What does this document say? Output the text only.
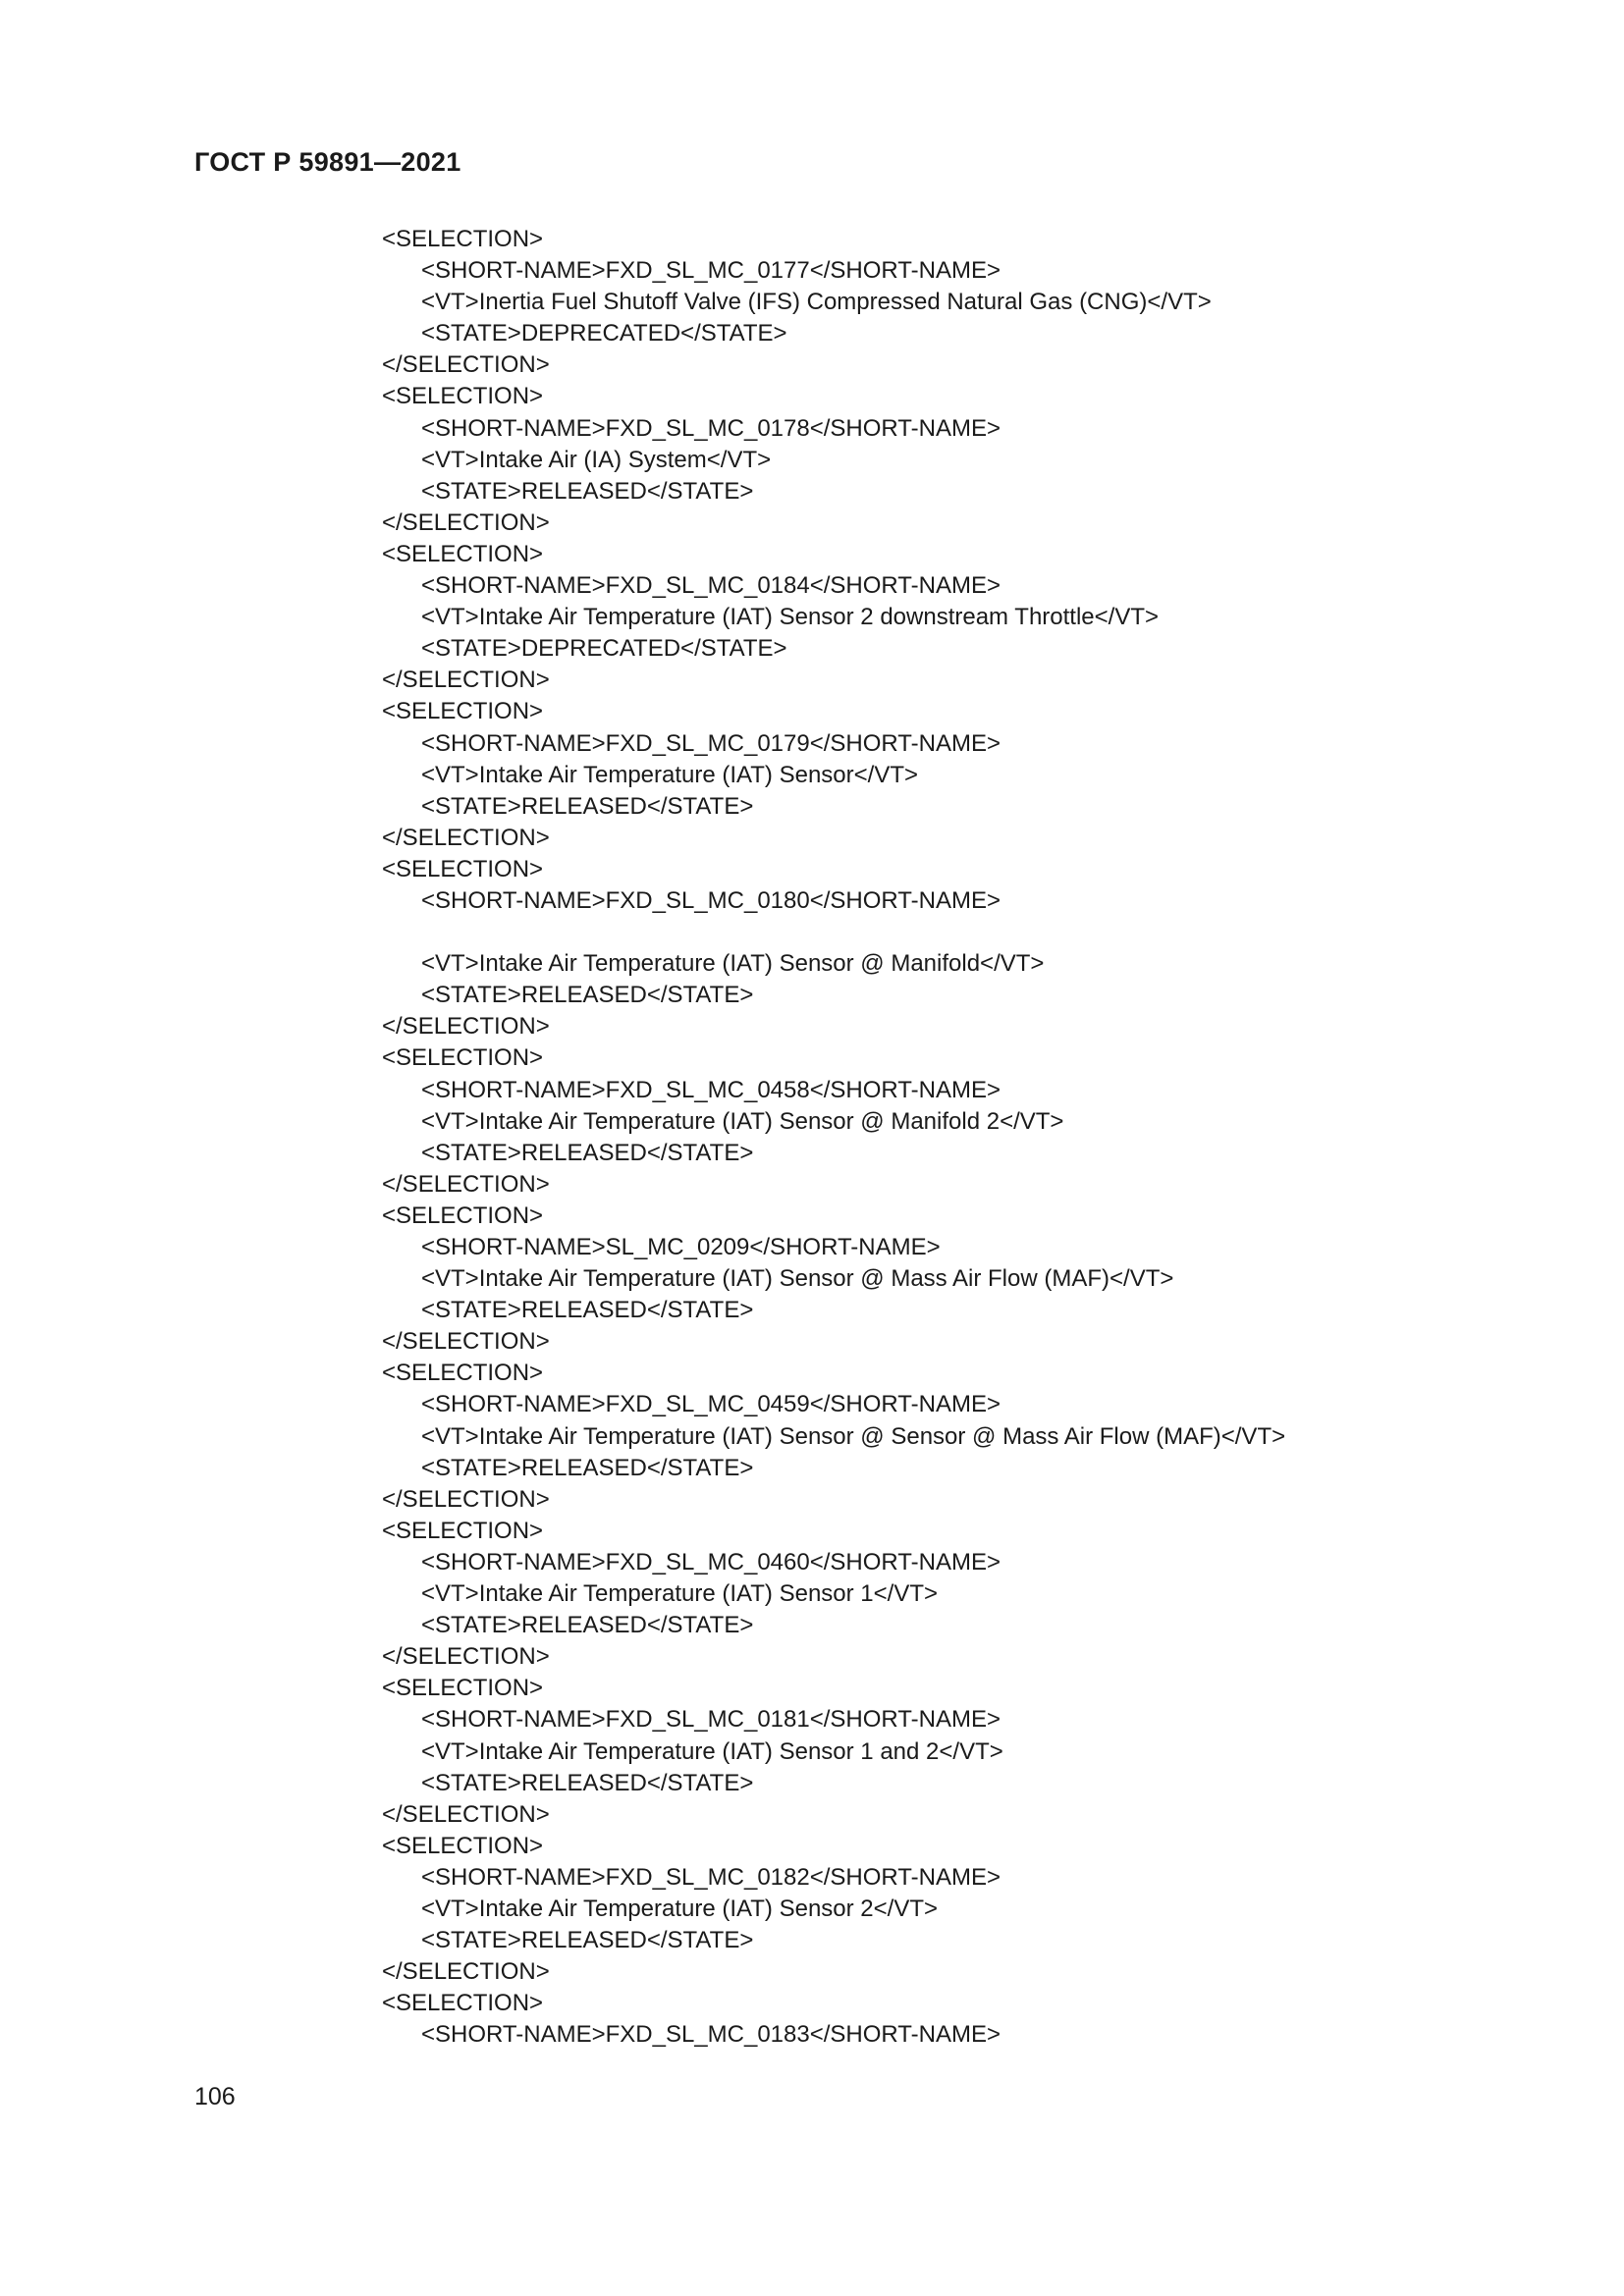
ГОСТ Р 59891—2021
<SELECTION>
<SHORT-NAME>FXD_SL_MC_0177</SHORT-NAME>
<VT>Inertia Fuel Shutoff Valve (IFS) Compressed Natural Gas (CNG)</VT>
<STATE>DEPRECATED</STATE>
</SELECTION>
<SELECTION>
<SHORT-NAME>FXD_SL_MC_0178</SHORT-NAME>
<VT>Intake Air (IA) System</VT>
<STATE>RELEASED</STATE>
</SELECTION>
<SELECTION>
<SHORT-NAME>FXD_SL_MC_0184</SHORT-NAME>
<VT>Intake Air Temperature (IAT) Sensor 2 downstream Throttle</VT>
<STATE>DEPRECATED</STATE>
</SELECTION>
<SELECTION>
<SHORT-NAME>FXD_SL_MC_0179</SHORT-NAME>
<VT>Intake Air Temperature (IAT) Sensor</VT>
<STATE>RELEASED</STATE>
</SELECTION>
<SELECTION>
<SHORT-NAME>FXD_SL_MC_0180</SHORT-NAME>
<VT>Intake Air Temperature (IAT) Sensor @ Manifold</VT>
<STATE>RELEASED</STATE>
</SELECTION>
<SELECTION>
<SHORT-NAME>FXD_SL_MC_0458</SHORT-NAME>
<VT>Intake Air Temperature (IAT) Sensor @ Manifold 2</VT>
<STATE>RELEASED</STATE>
</SELECTION>
<SELECTION>
<SHORT-NAME>SL_MC_0209</SHORT-NAME>
<VT>Intake Air Temperature (IAT) Sensor @ Mass Air Flow (MAF)</VT>
<STATE>RELEASED</STATE>
</SELECTION>
<SELECTION>
<SHORT-NAME>FXD_SL_MC_0459</SHORT-NAME>
<VT>Intake Air Temperature (IAT) Sensor @ Sensor @ Mass Air Flow (MAF)</VT>
<STATE>RELEASED</STATE>
</SELECTION>
<SELECTION>
<SHORT-NAME>FXD_SL_MC_0460</SHORT-NAME>
<VT>Intake Air Temperature (IAT) Sensor 1</VT>
<STATE>RELEASED</STATE>
</SELECTION>
<SELECTION>
<SHORT-NAME>FXD_SL_MC_0181</SHORT-NAME>
<VT>Intake Air Temperature (IAT) Sensor 1 and 2</VT>
<STATE>RELEASED</STATE>
</SELECTION>
<SELECTION>
<SHORT-NAME>FXD_SL_MC_0182</SHORT-NAME>
<VT>Intake Air Temperature (IAT) Sensor 2</VT>
<STATE>RELEASED</STATE>
</SELECTION>
<SELECTION>
<SHORT-NAME>FXD_SL_MC_0183</SHORT-NAME>
106
